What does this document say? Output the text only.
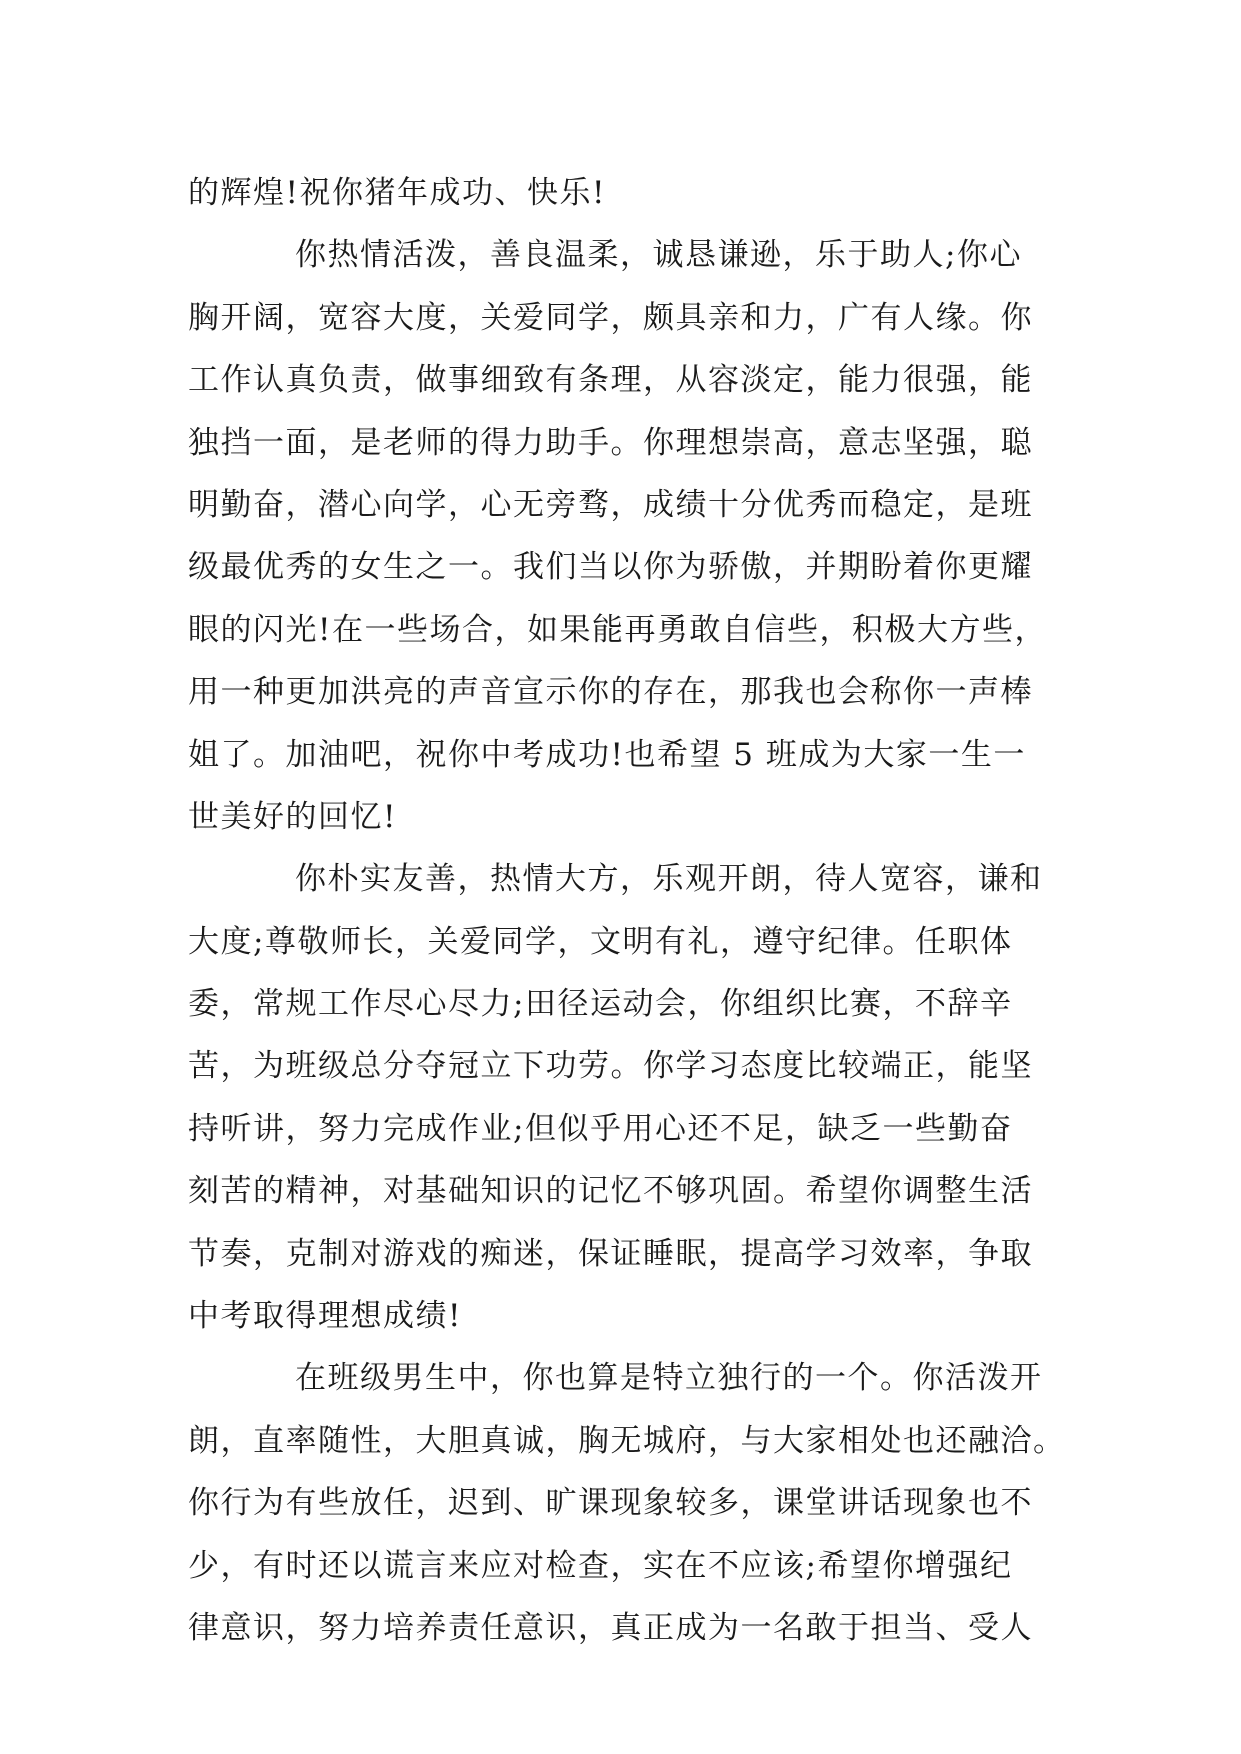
的辉煌!祝你猪年成功、快乐!
你热情活泼，善良温柔，诚恳谦逊，乐于助人;你心
胸开阔，宽容大度，关爱同学，颇具亲和力，广有人缘。你
工作认真负责，做事细致有条理，从容淡定，能力很强，能
独挡一面，是老师的得力助手。你理想崇高，意志坚强，聪
明勤奋，潜心向学，心无旁骛，成绩十分优秀而稳定，是班
级最优秀的女生之一。我们当以你为骄傲，并期盼着你更耀
眼的闪光!在一些场合，如果能再勇敢自信些，积极大方些，
用一种更加洪亮的声音宣示你的存在，那我也会称你一声棒
姐了。加油吧，祝你中考成功!也希望 5 班成为大家一生一
世美好的回忆!
你朴实友善，热情大方，乐观开朗，待人宽容，谦和
大度;尊敬师长，关爱同学，文明有礼，遵守纪律。任职体
委，常规工作尽心尽力;田径运动会，你组织比赛，不辞辛
苦，为班级总分夺冠立下功劳。你学习态度比较端正，能坚
持听讲，努力完成作业;但似乎用心还不足，缺乏一些勤奋
刻苦的精神，对基础知识的记忆不够巩固。希望你调整生活
节奏，克制对游戏的痴迷，保证睡眠，提高学习效率，争取
中考取得理想成绩!
在班级男生中，你也算是特立独行的一个。你活泼开
朗，直率随性，大胆真诚，胸无城府，与大家相处也还融洽。
你行为有些放任，迟到、旷课现象较多，课堂讲话现象也不
少，有时还以谎言来应对检查，实在不应该;希望你增强纪
律意识，努力培养责任意识，真正成为一名敢于担当、受人
